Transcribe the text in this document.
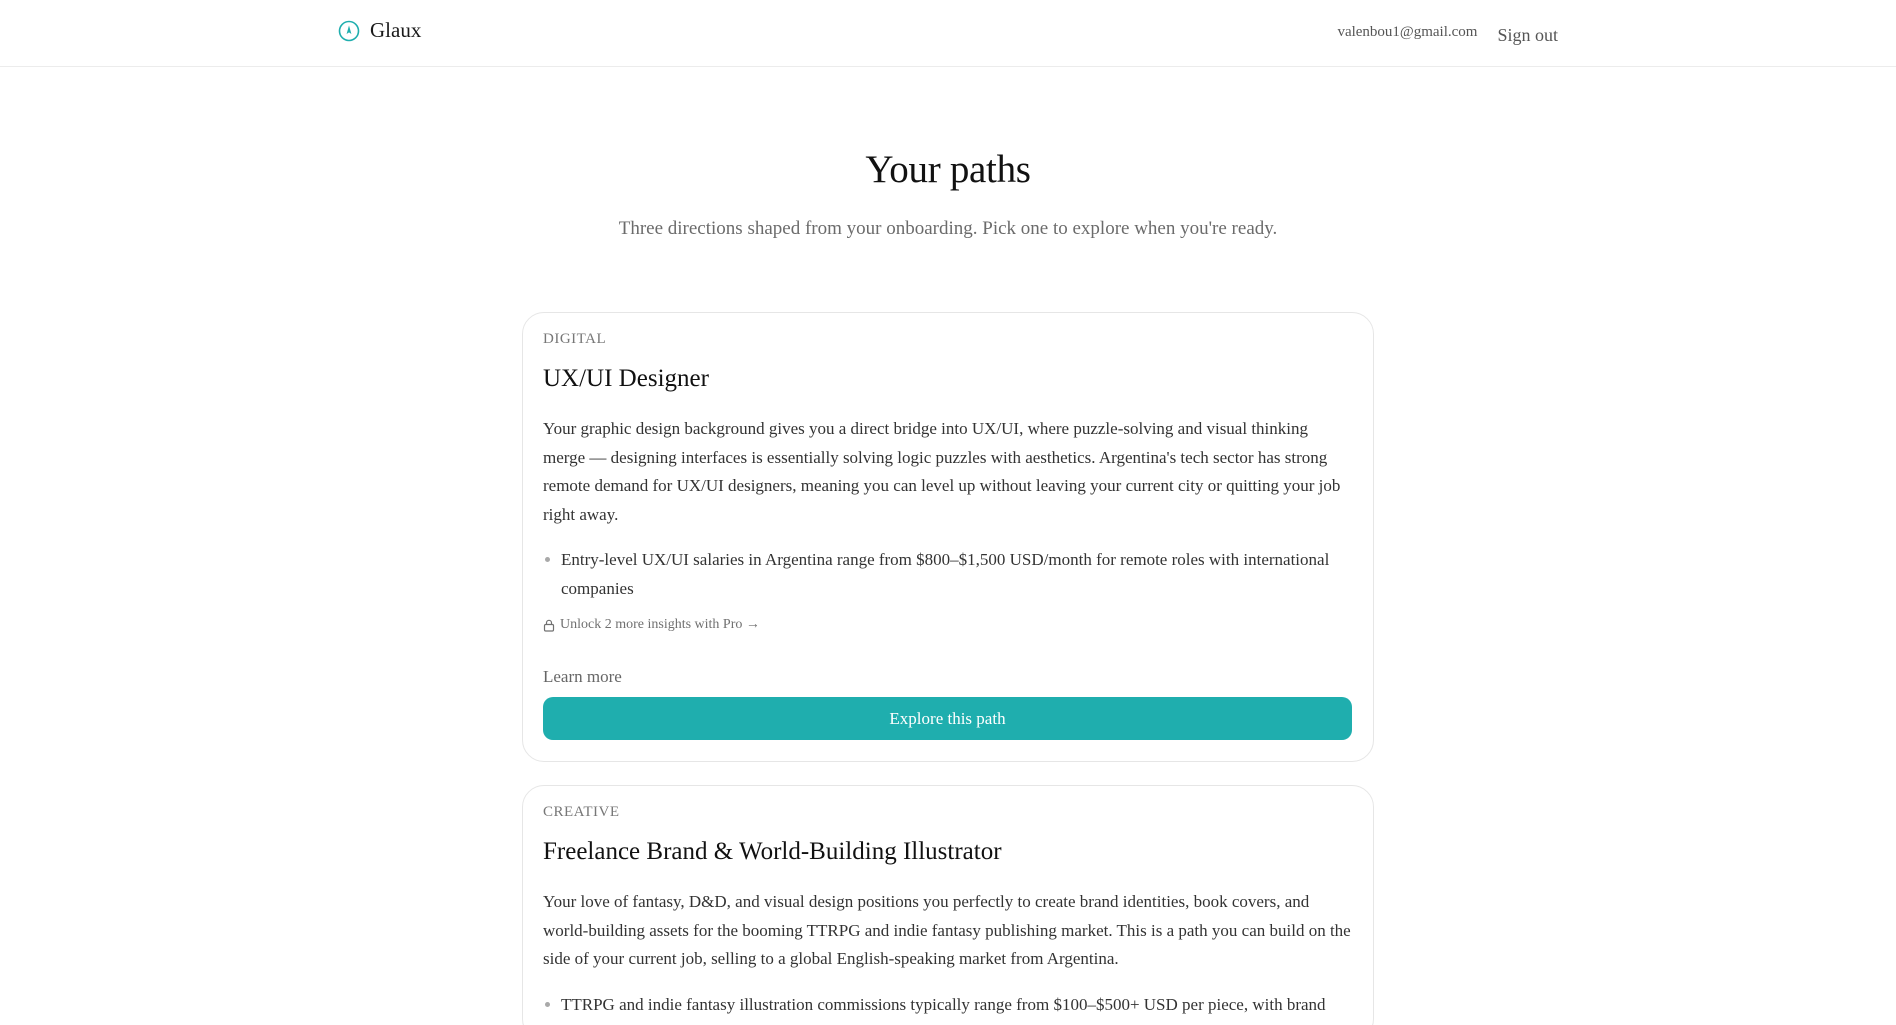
Glaux	valenbou1@gmail.com Sign out
Your paths

Three directions shaped from your onboarding. Pick one to explore when you're ready.

DIGITAL
UX/UI Designer

Your graphic design background gives you a direct bridge into UX/UI, where puzzle-solving and visual thinking merge — designing interfaces is essentially solving logic puzzles with aesthetics. Argentina's tech sector has strong remote demand for UX/UI designers, meaning you can level up without leaving your current city or quitting your job right away.

Entry-level UX/UI salaries in Argentina range from $800–$1,500 USD/month for remote roles with international companies
Unlock 2 more insights with Pro →
Learn more
Explore this path
CREATIVE
Freelance Brand & World-Building Illustrator

Your love of fantasy, D&D, and visual design positions you perfectly to create brand identities, book covers, and world-building assets for the booming TTRPG and indie fantasy publishing market. This is a path you can build on the side of your current job, selling to a global English-speaking market from Argentina.

TTRPG and indie fantasy illustration commissions typically range from $100–$500+ USD per piece, with brand
